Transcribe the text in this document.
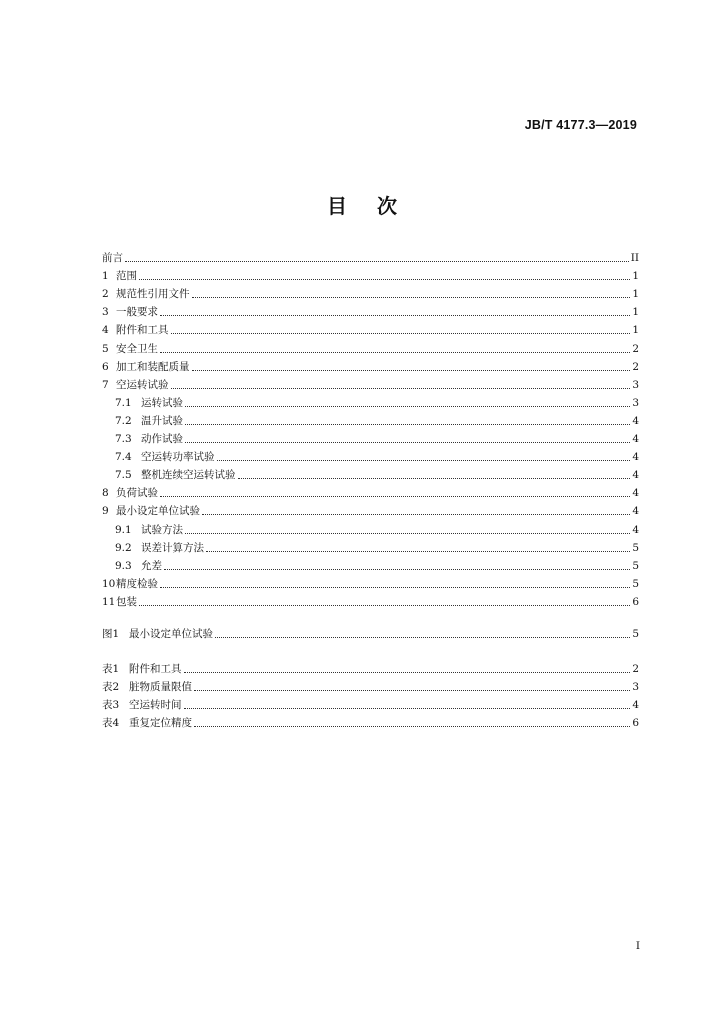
JB/T 4177.3—2019
目 次
前言	II
1 范围	1
2 规范性引用文件	1
3 一般要求	1
4 附件和工具	1
5 安全卫生	2
6 加工和装配质量	2
7 空运转试验	3
7.1 运转试验	3
7.2 温升试验	4
7.3 动作试验	4
7.4 空运转功率试验	4
7.5 整机连续空运转试验	4
8 负荷试验	4
9 最小设定单位试验	4
9.1 试验方法	4
9.2 误差计算方法	5
9.3 允差	5
10精度检验	5
11包装	6
图1 最小设定单位试验	5
表1 附件和工具	2
表2 脏物质量限值	3
表3 空运转时间	4
表4 重复定位精度	6
I
